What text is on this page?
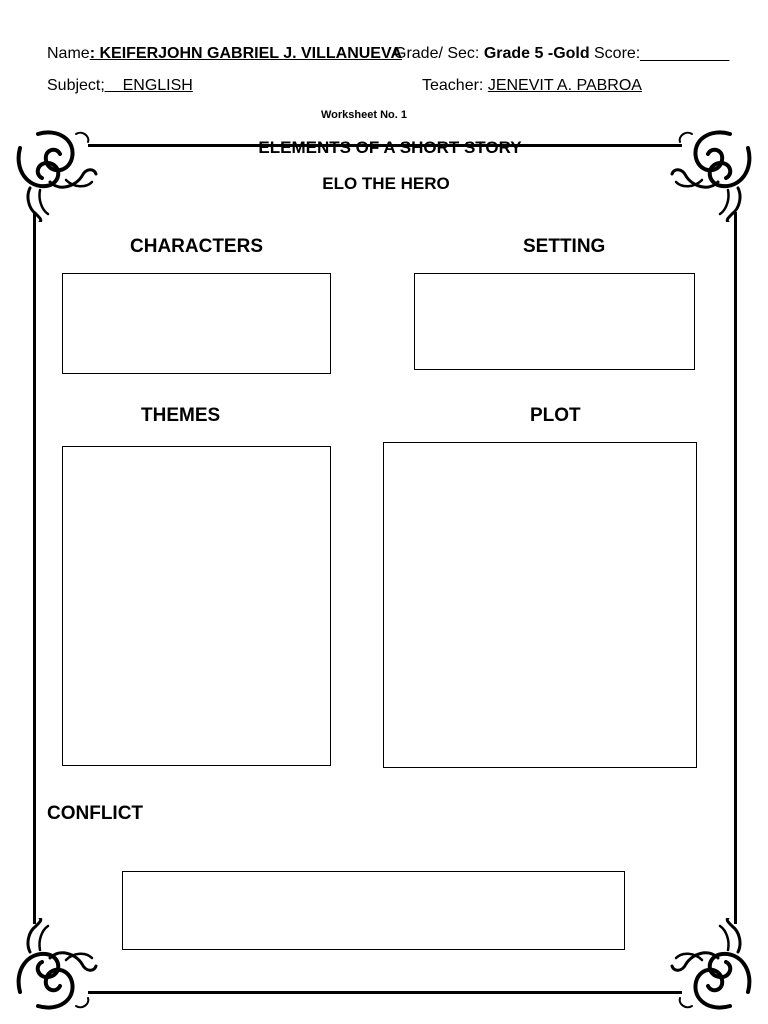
Name: KEIFERJOHN GABRIEL J. VILLANUEVA
Grade/ Sec: Grade 5 -Gold Score:__________
Subject;    ENGLISH	Teacher: JENEVIT A. PABROA
Worksheet No. 1
ELEMENTS OF A SHORT STORY
ELO THE HERO
CHARACTERS	SETTING
THEMES	PLOT
CONFLICT
